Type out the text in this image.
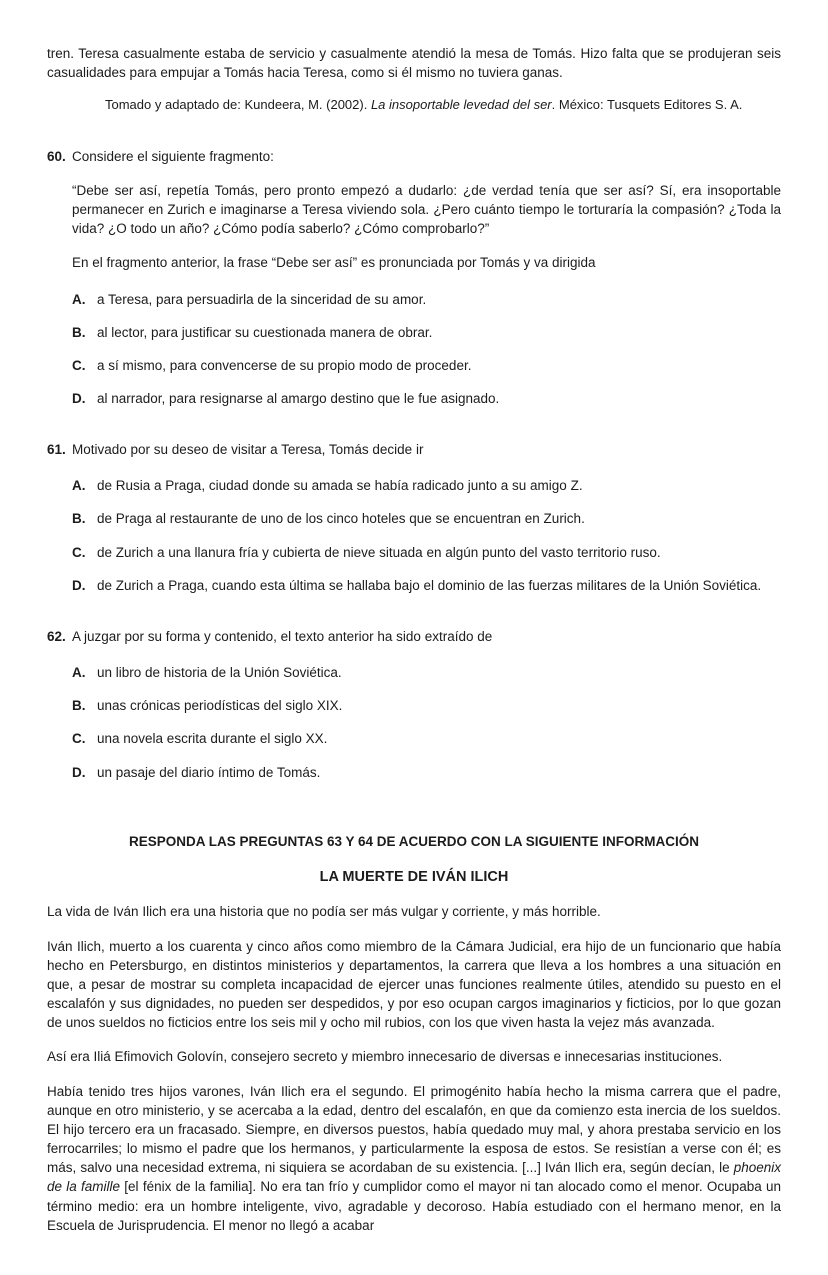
tren. Teresa casualmente estaba de servicio y casualmente atendió la mesa de Tomás. Hizo falta que se produjeran seis casualidades para empujar a Tomás hacia Teresa, como si él mismo no tuviera ganas.

Tomado y adaptado de: Kundeera, M. (2002). La insoportable levedad del ser. México: Tusquets Editores S. A.

60. Considere el siguiente fragmento:

“Debe ser así, repetía Tomás, pero pronto empezó a dudarlo: ¿de verdad tenía que ser así? Sí, era insoportable permanecer en Zurich e imaginarse a Teresa viviendo sola. ¿Pero cuánto tiempo le torturaría la compasión? ¿Toda la vida? ¿O todo un año? ¿Cómo podía saberlo? ¿Cómo comprobarlo?”

En el fragmento anterior, la frase “Debe ser así” es pronunciada por Tomás y va dirigida

A. a Teresa, para persuadirla de la sinceridad de su amor.
B. al lector, para justificar su cuestionada manera de obrar.
C. a sí mismo, para convencerse de su propio modo de proceder.
D. al narrador, para resignarse al amargo destino que le fue asignado.
61. Motivado por su deseo de visitar a Teresa, Tomás decide ir
A. de Rusia a Praga, ciudad donde su amada se había radicado junto a su amigo Z.
B. de Praga al restaurante de uno de los cinco hoteles que se encuentran en Zurich.
C. de Zurich a una llanura fría y cubierta de nieve situada en algún punto del vasto territorio ruso.
D. de Zurich a Praga, cuando esta última se hallaba bajo el dominio de las fuerzas militares de la Unión Soviética.
62. A juzgar por su forma y contenido, el texto anterior ha sido extraído de
A. un libro de historia de la Unión Soviética.
B. unas crónicas periodísticas del siglo XIX.
C. una novela escrita durante el siglo XX.
D. un pasaje del diario íntimo de Tomás.

RESPONDA LAS PREGUNTAS 63 Y 64 DE ACUERDO CON LA SIGUIENTE INFORMACIÓN

LA MUERTE DE IVÁN ILICH

La vida de Iván Ilich era una historia que no podía ser más vulgar y corriente, y más horrible.

Iván Ilich, muerto a los cuarenta y cinco años como miembro de la Cámara Judicial, era hijo de un funcionario que había hecho en Petersburgo, en distintos ministerios y departamentos, la carrera que lleva a los hombres a una situación en que, a pesar de mostrar su completa incapacidad de ejercer unas funciones realmente útiles, atendido su puesto en el escalafón y sus dignidades, no pueden ser despedidos, y por eso ocupan cargos imaginarios y ficticios, por lo que gozan de unos sueldos no ficticios entre los seis mil y ocho mil rubios, con los que viven hasta la vejez más avanzada.

Así era Iliá Efimovich Golovín, consejero secreto y miembro innecesario de diversas e innecesarias instituciones.

Había tenido tres hijos varones, Iván Ilich era el segundo. El primogénito había hecho la misma carrera que el padre, aunque en otro ministerio, y se acercaba a la edad, dentro del escalafón, en que da comienzo esta inercia de los sueldos. El hijo tercero era un fracasado. Siempre, en diversos puestos, había quedado muy mal, y ahora prestaba servicio en los ferrocarriles; lo mismo el padre que los hermanos, y particularmente la esposa de estos. Se resistían a verse con él; es más, salvo una necesidad extrema, ni siquiera se acordaban de su existencia. [...] Iván Ilich era, según decían, le phoenix de la famille [el fénix de la familia]. No era tan frío y cumplidor como el mayor ni tan alocado como el menor. Ocupaba un término medio: era un hombre inteligente, vivo, agradable y decoroso. Había estudiado con el hermano menor, en la Escuela de Jurisprudencia. El menor no llegó a acabar
